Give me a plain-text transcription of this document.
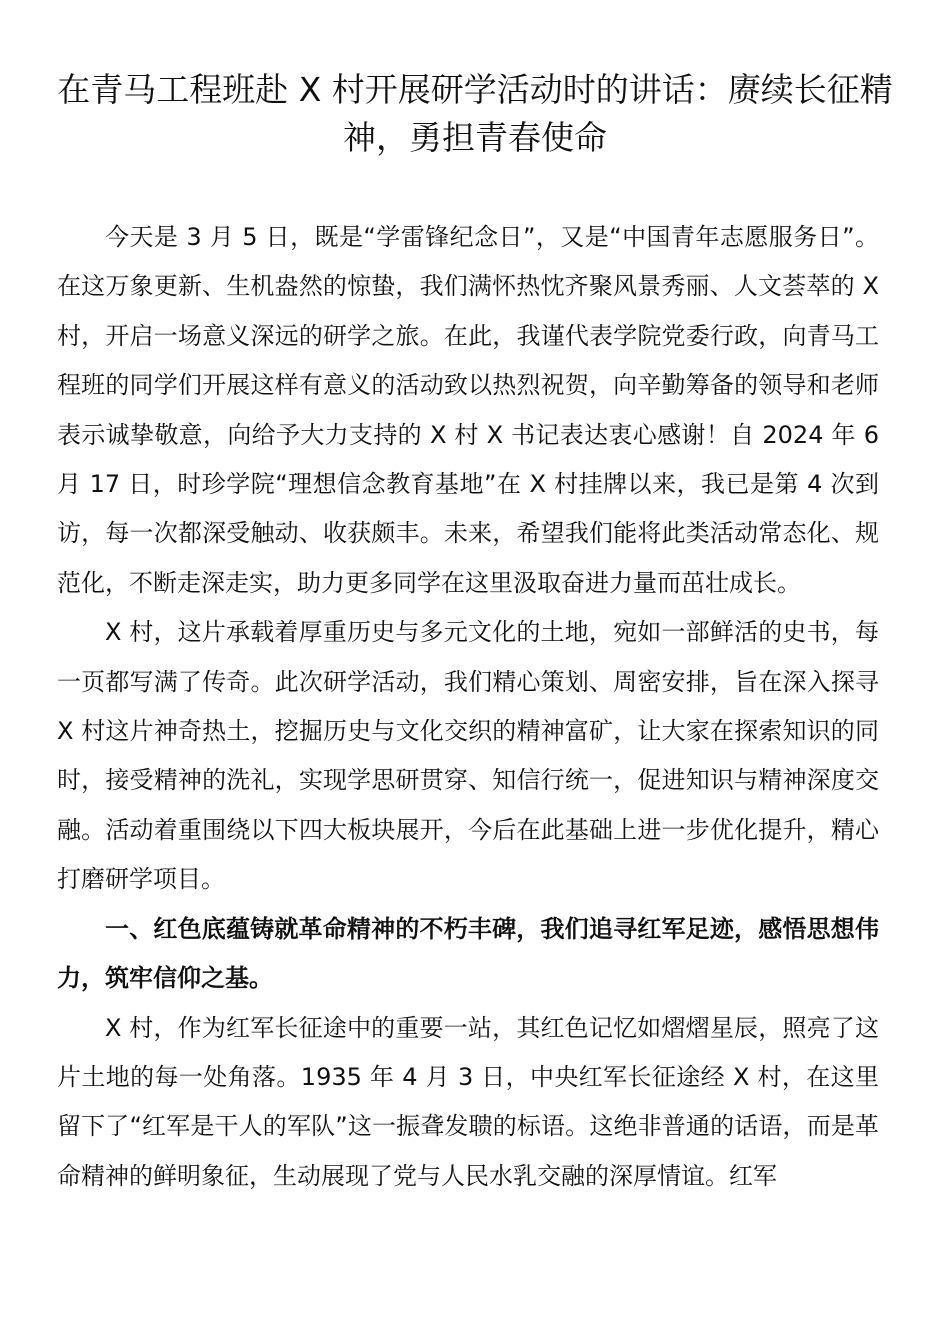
在青马工程班赴 X 村开展研学活动时的讲话：赓续长征精神，勇担青春使命

今天是 3 月 5 日，既是“学雷锋纪念日”，又是“中国青年志愿服务日”。在这万象更新、生机盎然的惊蛰，我们满怀热忱齐聚风景秀丽、人文荟萃的 X 村，开启一场意义深远的研学之旅。在此，我谨代表学院党委行政，向青马工程班的同学们开展这样有意义的活动致以热烈祝贺，向辛勤筹备的领导和老师表示诚挚敬意，向给予大力支持的 X 村 X 书记表达衷心感谢！自 2024 年 6 月 17 日，时珍学院“理想信念教育基地”在 X 村挂牌以来，我已是第 4 次到访，每一次都深受触动、收获颇丰。未来，希望我们能将此类活动常态化、规范化，不断走深走实，助力更多同学在这里汲取奋进力量而茁壮成长。

X 村，这片承载着厚重历史与多元文化的土地，宛如一部鲜活的史书，每一页都写满了传奇。此次研学活动，我们精心策划、周密安排，旨在深入探寻 X 村这片神奇热土，挖掘历史与文化交织的精神富矿，让大家在探索知识的同时，接受精神的洗礼，实现学思研贯穿、知信行统一，促进知识与精神深度交融。活动着重围绕以下四大板块展开，今后在此基础上进一步优化提升，精心打磨研学项目。

一、红色底蕴铸就革命精神的不朽丰碑，我们追寻红军足迹，感悟思想伟力，筑牢信仰之基。

X 村，作为红军长征途中的重要一站，其红色记忆如熠熠星辰，照亮了这片土地的每一处角落。1935 年 4 月 3 日，中央红军长征途经 X 村，在这里留下了“红军是干人的军队”这一振聋发聩的标语。这绝非普通的话语，而是革命精神的鲜明象征，生动展现了党与人民水乳交融的深厚情谊。红军
